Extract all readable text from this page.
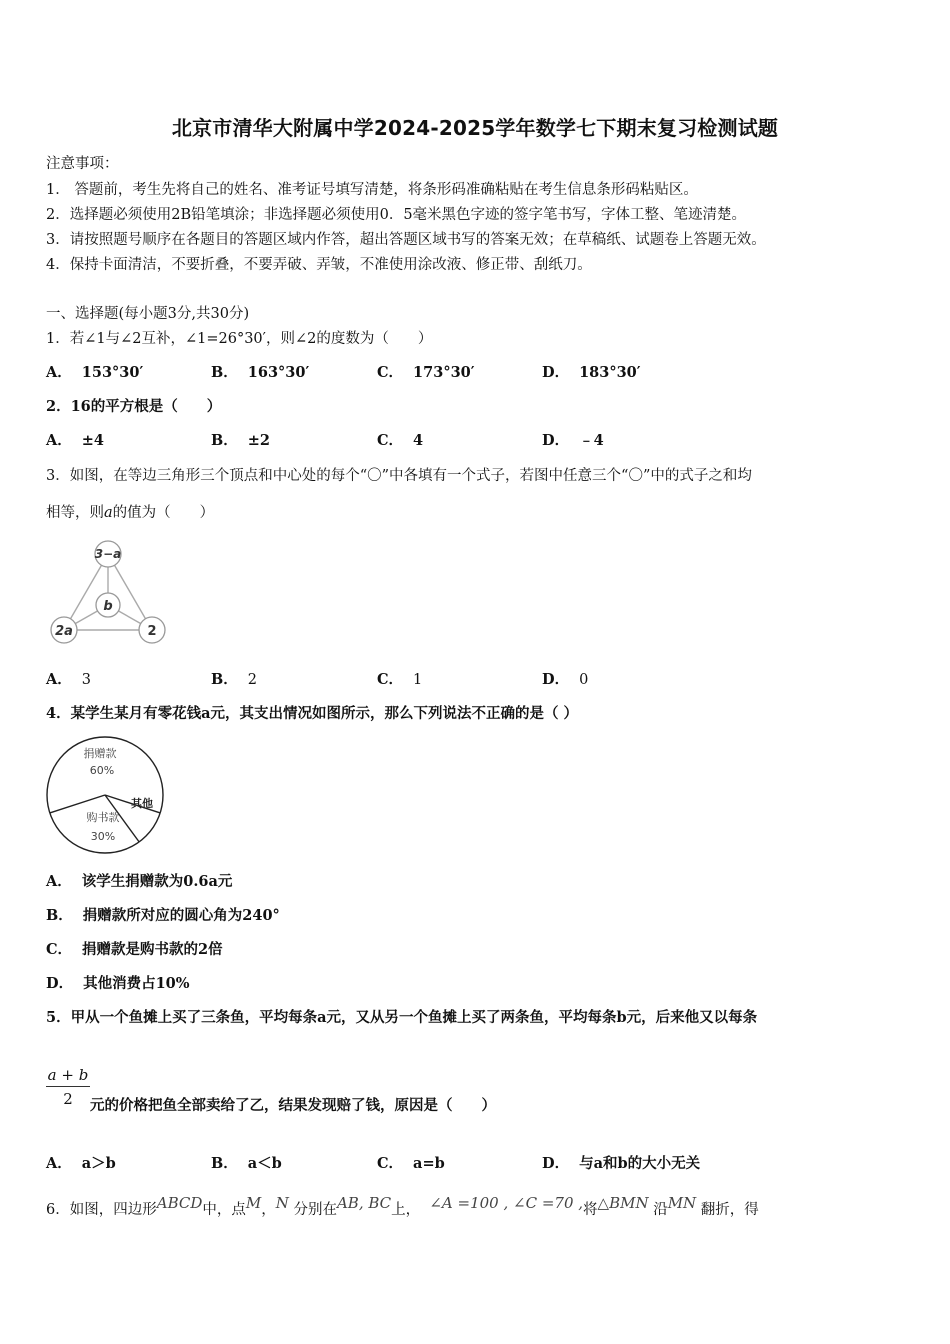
北京市清华大附属中学2024-2025学年数学七下期末复习检测试题
注意事项：
1． 答题前，考生先将自己的姓名、准考证号填写清楚，将条形码准确粘贴在考生信息条形码粘贴区。
2．选择题必须使用2B铅笔填涂；非选择题必须使用0．5毫米黑色字迹的签字笔书写，字体工整、笔迹清楚。
3．请按照题号顺序在各题目的答题区域内作答，超出答题区域书写的答案无效；在草稿纸、试题卷上答题无效。
4．保持卡面清洁，不要折叠，不要弄破、弄皱，不准使用涂改液、修正带、刮纸刀。
一、选择题(每小题3分,共30分)
1．若∠1与∠2互补，∠1=26°30′，则∠2的度数为（　　）
A． 153°30′	B． 163°30′	C． 173°30′	D． 183°30′
2．16的平方根是（　　）
A． ±4	B． ±2	C． 4	D． ﹣4
3．如图，在等边三角形三个顶点和中心处的每个“〇”中各填有一个式子，若图中任意三个“〇”中的式子之和均
相等，则a的值为（　　）
3−a
b
2a	2
A． 3	B． 2	C． 1	D． 0
4．某学生某月有零花钱a元，其支出情况如图所示，那么下列说法不正确的是（ ）
捐赠款
60%
购书款
30%
其他
A． 该学生捐赠款为0.6a元
B． 捐赠款所对应的圆心角为240°
C． 捐赠款是购书款的2倍
D． 其他消费占10%
5．甲从一个鱼摊上买了三条鱼，平均每条a元，又从另一个鱼摊上买了两条鱼，平均每条b元，后来他又以每条
$\frac{a + b}{2}$ 元的价格把鱼全部卖给了乙，结果发现赔了钱，原因是（　　）
A． a＞b	B． a＜b	C． a=b	D． 与a和b的大小无关
6．如图，四边形ABCD中，点M，N 分别在AB, BC上， ∠A =100 , ∠C =70 ,将△BMN 沿MN 翻折，得
